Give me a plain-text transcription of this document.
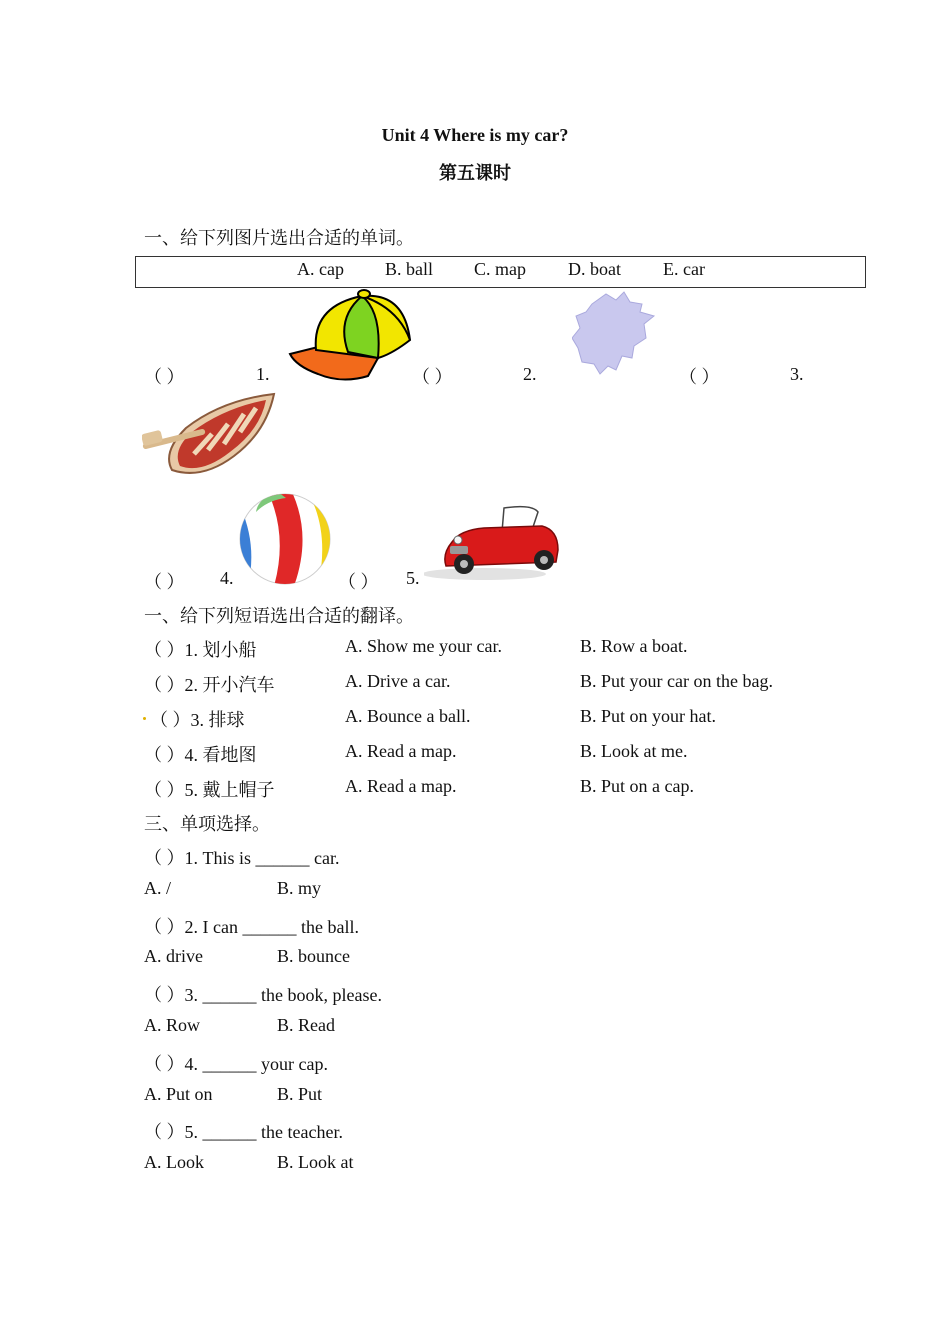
Unit 4 Where is my car?
第五课时
一、给下列图片选出合适的单词。
A. cap B. ball C. map D. boat E. car
（ ）	1.	（ ）	2.	（ ）	3.
（ ） 4.	（ ） 5.
一、给下列短语选出合适的翻译。
（ ）1. 划小船	A. Show me your car.	B. Row a boat.
（ ）2. 开小汽车	A. Drive a car.	B. Put your car on the bag.
（ ）3. 排球	A. Bounce a ball.	B. Put on your hat.
（ ）4. 看地图	A. Read a map.	B. Look at me.
（ ）5. 戴上帽子	A. Read a map.	B. Put on a cap.
三、单项选择。
（ ）1. This is ______ car.
A. /	B. my
（ ）2. I can ______ the ball.
A. drive	B. bounce
（ ）3. ______ the book, please.
A. Row	B. Read
（ ）4. ______ your cap.
A. Put on	B. Put
（ ）5. ______ the teacher.
A. Look	B. Look at
